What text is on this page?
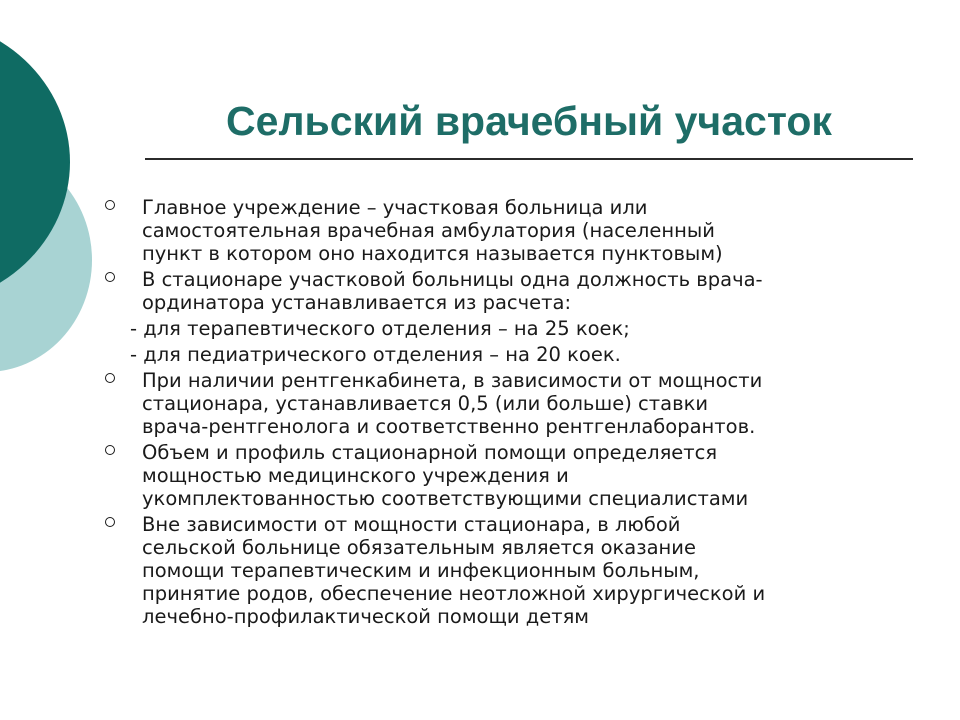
Сельский врачебный участок
Главное учреждение – участковая больница или
самостоятельная врачебная амбулатория (населенный
пункт в котором оно находится называется пунктовым)
В стационаре участковой больницы одна должность врача-
ординатора устанавливается из расчета:
- для терапевтического отделения – на 25 коек;
- для педиатрического отделения – на 20 коек.
При наличии рентгенкабинета, в зависимости от мощности
стационара, устанавливается 0,5 (или больше) ставки
врача-рентгенолога и соответственно рентгенлаборантов.
Объем и профиль стационарной помощи определяется
мощностью медицинского учреждения и
укомплектованностью соответствующими специалистами
Вне зависимости от мощности стационара, в любой
сельской больнице обязательным является оказание
помощи терапевтическим и инфекционным больным,
принятие родов, обеспечение неотложной хирургической и
лечебно-профилактической помощи детям
